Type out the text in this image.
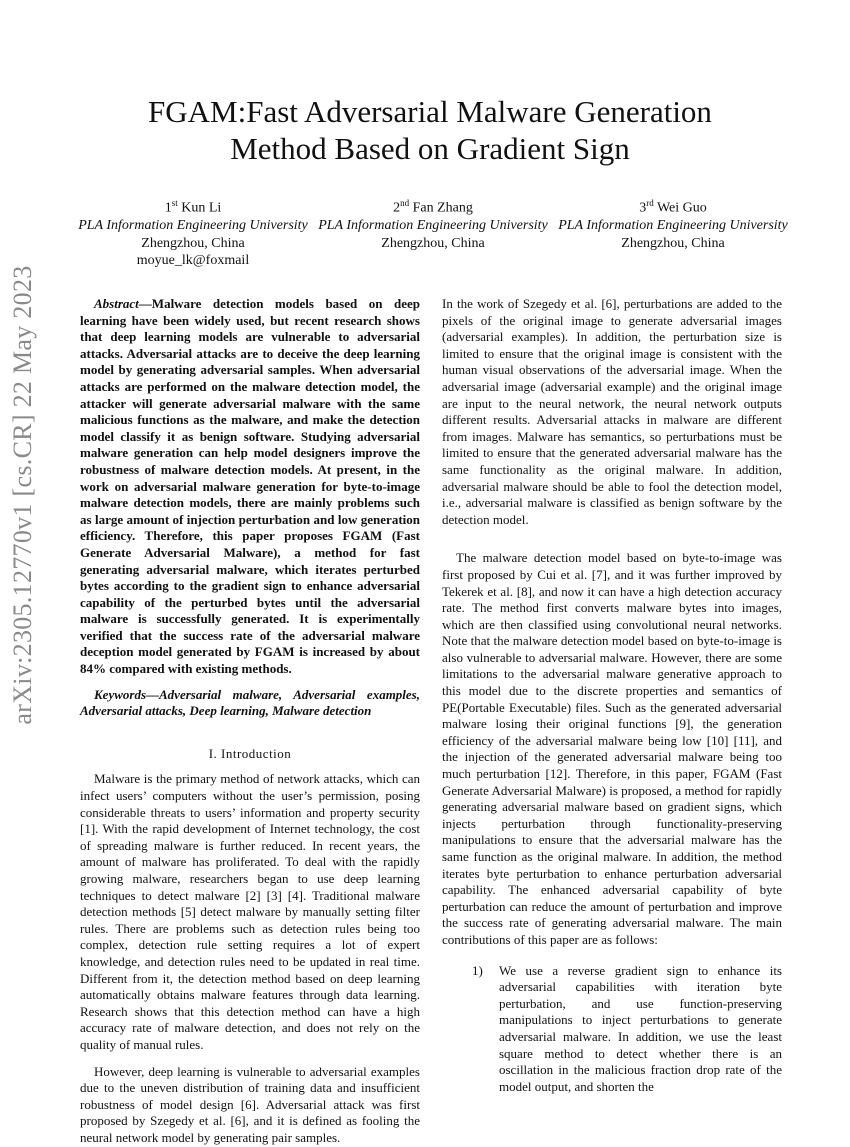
arXiv:2305.12770v1 [cs.CR] 22 May 2023
FGAM:Fast Adversarial Malware Generation Method Based on Gradient Sign
1st Kun Li
PLA Information Engineering University
Zhengzhou, China
moyue_lk@foxmail
2nd Fan Zhang
PLA Information Engineering University
Zhengzhou, China
3rd Wei Guo
PLA Information Engineering University
Zhengzhou, China

Abstract—Malware detection models based on deep learning have been widely used, but recent research shows that deep learning models are vulnerable to adversarial attacks. Adversarial attacks are to deceive the deep learning model by generating adversarial samples. When adversarial attacks are performed on the malware detection model, the attacker will generate adversarial malware with the same malicious functions as the malware, and make the detection model classify it as benign software. Studying adversarial malware generation can help model designers improve the robustness of malware detection models. At present, in the work on adversarial malware generation for byte-to-image malware detection models, there are mainly problems such as large amount of injection perturbation and low generation efficiency. Therefore, this paper proposes FGAM (Fast Generate Adversarial Malware), a method for fast generating adversarial malware, which iterates perturbed bytes according to the gradient sign to enhance adversarial capability of the perturbed bytes until the adversarial malware is successfully generated. It is experimentally verified that the success rate of the adversarial malware deception model generated by FGAM is increased by about 84% compared with existing methods.

Keywords—Adversarial malware, Adversarial examples, Adversarial attacks, Deep learning, Malware detection

I. Introduction

Malware is the primary method of network attacks, which can infect users’ computers without the user’s permission, posing considerable threats to users’ information and property security [1]. With the rapid development of Internet technology, the cost of spreading malware is further reduced. In recent years, the amount of malware has proliferated. To deal with the rapidly growing malware, researchers began to use deep learning techniques to detect malware [2] [3] [4]. Traditional malware detection methods [5] detect malware by manually setting filter rules. There are problems such as detection rules being too complex, detection rule setting requires a lot of expert knowledge, and detection rules need to be updated in real time. Different from it, the detection method based on deep learning automatically obtains malware features through data learning. Research shows that this detection method can have a high accuracy rate of malware detection, and does not rely on the quality of manual rules.

However, deep learning is vulnerable to adversarial examples due to the uneven distribution of training data and insufficient robustness of model design [6]. Adversarial attack was first proposed by Szegedy et al. [6], and it is defined as fooling the neural network model by generating pair samples.

In the work of Szegedy et al. [6], perturbations are added to the pixels of the original image to generate adversarial images (adversarial examples). In addition, the perturbation size is limited to ensure that the original image is consistent with the human visual observations of the adversarial image. When the adversarial image (adversarial example) and the original image are input to the neural network, the neural network outputs different results. Adversarial attacks in malware are different from images. Malware has semantics, so perturbations must be limited to ensure that the generated adversarial malware has the same functionality as the original malware. In addition, adversarial malware should be able to fool the detection model, i.e., adversarial malware is classified as benign software by the detection model.

The malware detection model based on byte-to-image was first proposed by Cui et al. [7], and it was further improved by Tekerek et al. [8], and now it can have a high detection accuracy rate. The method first converts malware bytes into images, which are then classified using convolutional neural networks. Note that the malware detection model based on byte-to-image is also vulnerable to adversarial malware. However, there are some limitations to the adversarial malware generative approach to this model due to the discrete properties and semantics of PE(Portable Executable) files. Such as the generated adversarial malware losing their original functions [9], the generation efficiency of the adversarial malware being low [10] [11], and the injection of the generated adversarial malware being too much perturbation [12]. Therefore, in this paper, FGAM (Fast Generate Adversarial Malware) is proposed, a method for rapidly generating adversarial malware based on gradient signs, which injects perturbation through functionality-preserving manipulations to ensure that the adversarial malware has the same function as the original malware. In addition, the method iterates byte perturbation to enhance perturbation adversarial capability. The enhanced adversarial capability of byte perturbation can reduce the amount of perturbation and improve the success rate of generating adversarial malware. The main contributions of this paper are as follows:

1) We use a reverse gradient sign to enhance its adversarial capabilities with iteration byte perturbation, and use function-preserving manipulations to inject perturbations to generate adversarial malware. In addition, we use the least square method to detect whether there is an oscillation in the malicious fraction drop rate of the model output, and shorten the
